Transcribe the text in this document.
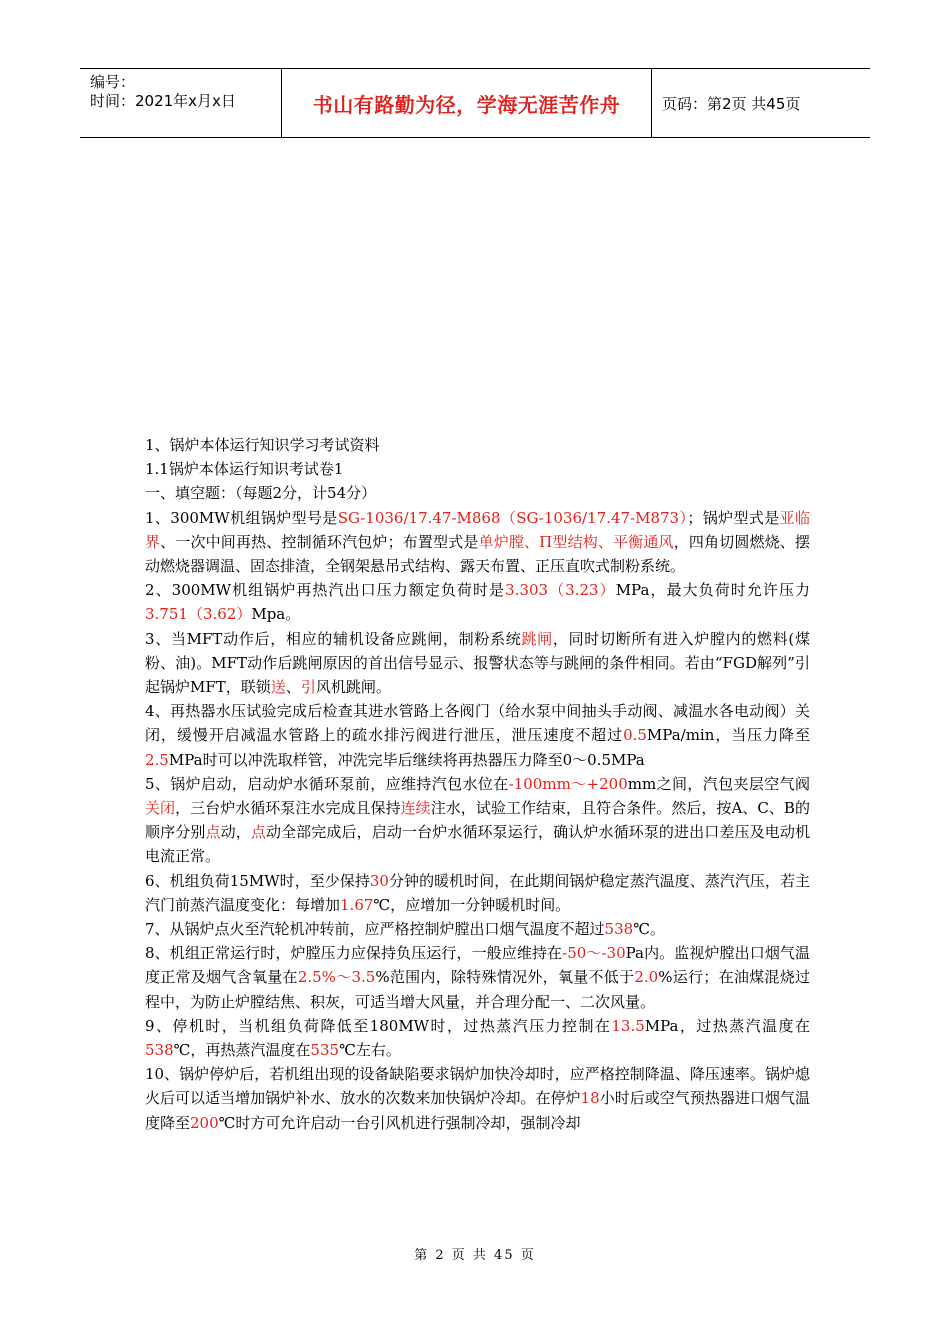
编号：
时间：2021年x月x日	书山有路勤为径，学海无涯苦作舟	页码：第2页 共45页

1、锅炉本体运行知识学习考试资料

1.1锅炉本体运行知识考试卷1

一、填空题：（每题2分，计54分）

1、300MW机组锅炉型号是SG-1036/17.47-M868（SG-1036/17.47-M873）；锅炉型式是亚临界、一次中间再热、控制循环汽包炉；布置型式是单炉膛、Π型结构、平衡通风，四角切圆燃烧、摆动燃烧器调温、固态排渣，全钢架悬吊式结构、露天布置、正压直吹式制粉系统。

2、300MW机组锅炉再热汽出口压力额定负荷时是3.303（3.23）MPa，最大负荷时允许压力3.751（3.62）Mpa。

3、当MFT动作后，相应的辅机设备应跳闸，制粉系统跳闸，同时切断所有进入炉膛内的燃料(煤粉、油)。MFT动作后跳闸原因的首出信号显示、报警状态等与跳闸的条件相同。若由“FGD解列”引起锅炉MFT，联锁送、引风机跳闸。

4、再热器水压试验完成后检查其进水管路上各阀门（给水泵中间抽头手动阀、减温水各电动阀）关闭，缓慢开启减温水管路上的疏水排污阀进行泄压，泄压速度不超过0.5MPa/min，当压力降至2.5MPa时可以冲洗取样管，冲洗完毕后继续将再热器压力降至0～0.5MPa

5、锅炉启动，启动炉水循环泵前，应维持汽包水位在-100mm～+200mm之间，汽包夹层空气阀关闭，三台炉水循环泵注水完成且保持连续注水，试验工作结束，且符合条件。然后，按A、C、B的顺序分别点动，点动全部完成后，启动一台炉水循环泵运行，确认炉水循环泵的进出口差压及电动机电流正常。

6、机组负荷15MW时，至少保持30分钟的暖机时间，在此期间锅炉稳定蒸汽温度、蒸汽汽压，若主汽门前蒸汽温度变化：每增加1.67℃，应增加一分钟暖机时间。

7、从锅炉点火至汽轮机冲转前，应严格控制炉膛出口烟气温度不超过538℃。

8、机组正常运行时，炉膛压力应保持负压运行，一般应维持在-50～-30Pa内。监视炉膛出口烟气温度正常及烟气含氧量在2.5%～3.5%范围内，除特殊情况外，氧量不低于2.0%运行；在油煤混烧过程中，为防止炉膛结焦、积灰，可适当增大风量，并合理分配一、二次风量。

9、停机时，当机组负荷降低至180MW时，过热蒸汽压力控制在13.5MPa，过热蒸汽温度在538℃，再热蒸汽温度在535℃左右。

10、锅炉停炉后，若机组出现的设备缺陷要求锅炉加快冷却时，应严格控制降温、降压速率。锅炉熄火后可以适当增加锅炉补水、放水的次数来加快锅炉冷却。在停炉18小时后或空气预热器进口烟气温度降至200℃时方可允许启动一台引风机进行强制冷却，强制冷却

第 2 页 共 45 页
